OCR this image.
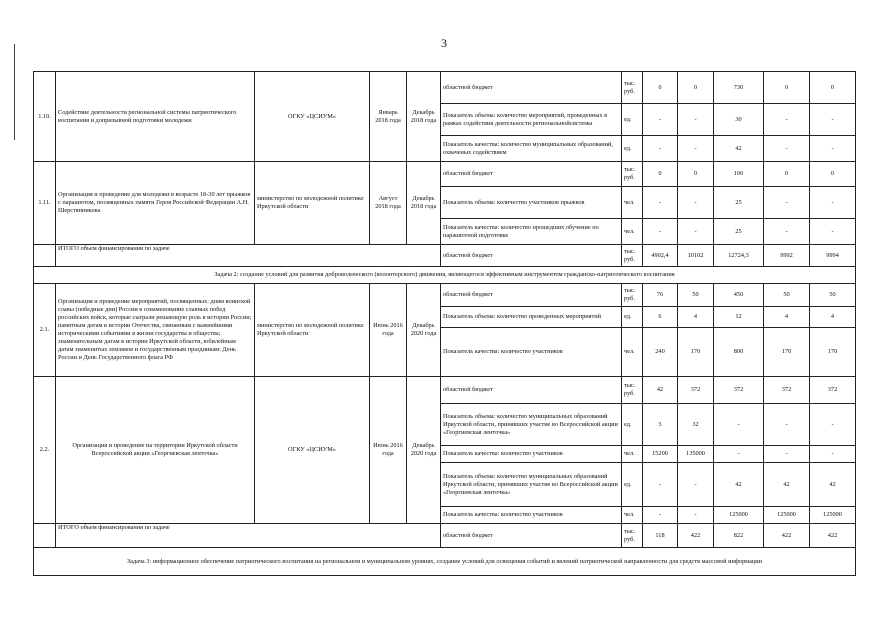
3
1.10.	Содействие деятельности региональной системы патриотического воспитания и допризывной подготовки молодежи	ОГКУ «ЦСИУМ»	Январь 2018 года	Декабрь 2018 года	областной бюджет	тыс. руб.	0	0	730	0	0
					Показатель объема: количество мероприятий, проведенных в рамках содействия деятельности региональнойсистемы	ед.	-	-	30	-	-
					Показатель качества: количество муниципальных образований, охваченых содействием	ед.	-	-	42	-	-
1.11.	Организация и проведение для молодежи в возрасте 18-30 лет прыжков с парашютом, посвященных памяти Героя Российской Федерации А.Н. Шерстянникова	министерство по молодежной политике Иркутской области	Август 2018 года	Декабрь 2018 года	областной бюджет	тыс. руб.	0	0	100	0	0
					Показатель объема: количество участников прыжков	чел.	-	-	25	-	-
					Показатель качества: количество прошедших обучение по парашютной подготовке	чел.	-	-	25	-	-
	ИТОГО объем финансирования по задаче				областной бюджет	тыс. руб.	4902,4	10102	12724,3	9992	9994
Задача 2: создание условий для развития добровольческого (волонтерского) движения, являющегося эффективным инструментом гражданско-патриотического воспитания											
2.1.	Организация и проведение мероприятий, посвященных: дням воинской славы (победные дни) России в ознаменование славных побед российских войск, которые сыграли решающую роль в истории России; памятным датам в истории Отечества, связанным с важнейшими историческими событиями в жизни государства и общества; знаменательным датам в истории Иркутской области, юбилейным датам знаменитых земляков и государственным праздникам: День России и День Государственного флага РФ	министерство по молодежной политике Иркутской области	Июнь 2016 года	Декабрь 2020 года	областной бюджет	тыс. руб.	76	50	450	50	50
					Показатель объема: количество проведенных мероприятий	ед.	6	4	12	4	4
					Показатель качества: количество участников	чел.	240	170	800	170	170
2.2.	Организация и проведение на территории Иркутской области Всероссийской акции «Георгиевская ленточка»	ОГКУ «ЦСИУМ»	Июнь 2016 года	Декабрь 2020 года	областной бюджет	тыс. руб.	42	372	372	372	372
					Показатель объема: количество муниципальных образований Иркутской области, принявших участие во Всероссийской акции «Георгиевская ленточка»	ед.	3	32	-	-	-
					Показатель качества: количество участников	чел.	15200	135000	-	-	-
					Показатель объема: количество муниципальных образований Иркутской области, принявших участие во Всероссийской акции «Георгиевская ленточка»	ед.	-	-	42	42	42
					Показатель качества: количество участников	чел.	-	-	125000	125000	125000
	ИТОГО объем финансирования по задаче				областной бюджет	тыс. руб.	118	422	822	422	422
Задача 3: информационное обеспечение патриотического воспитания на региональном и муниципальном уровнях, создание условий для освещения событий и явлений патриотической направленности для средств массовой информации											
